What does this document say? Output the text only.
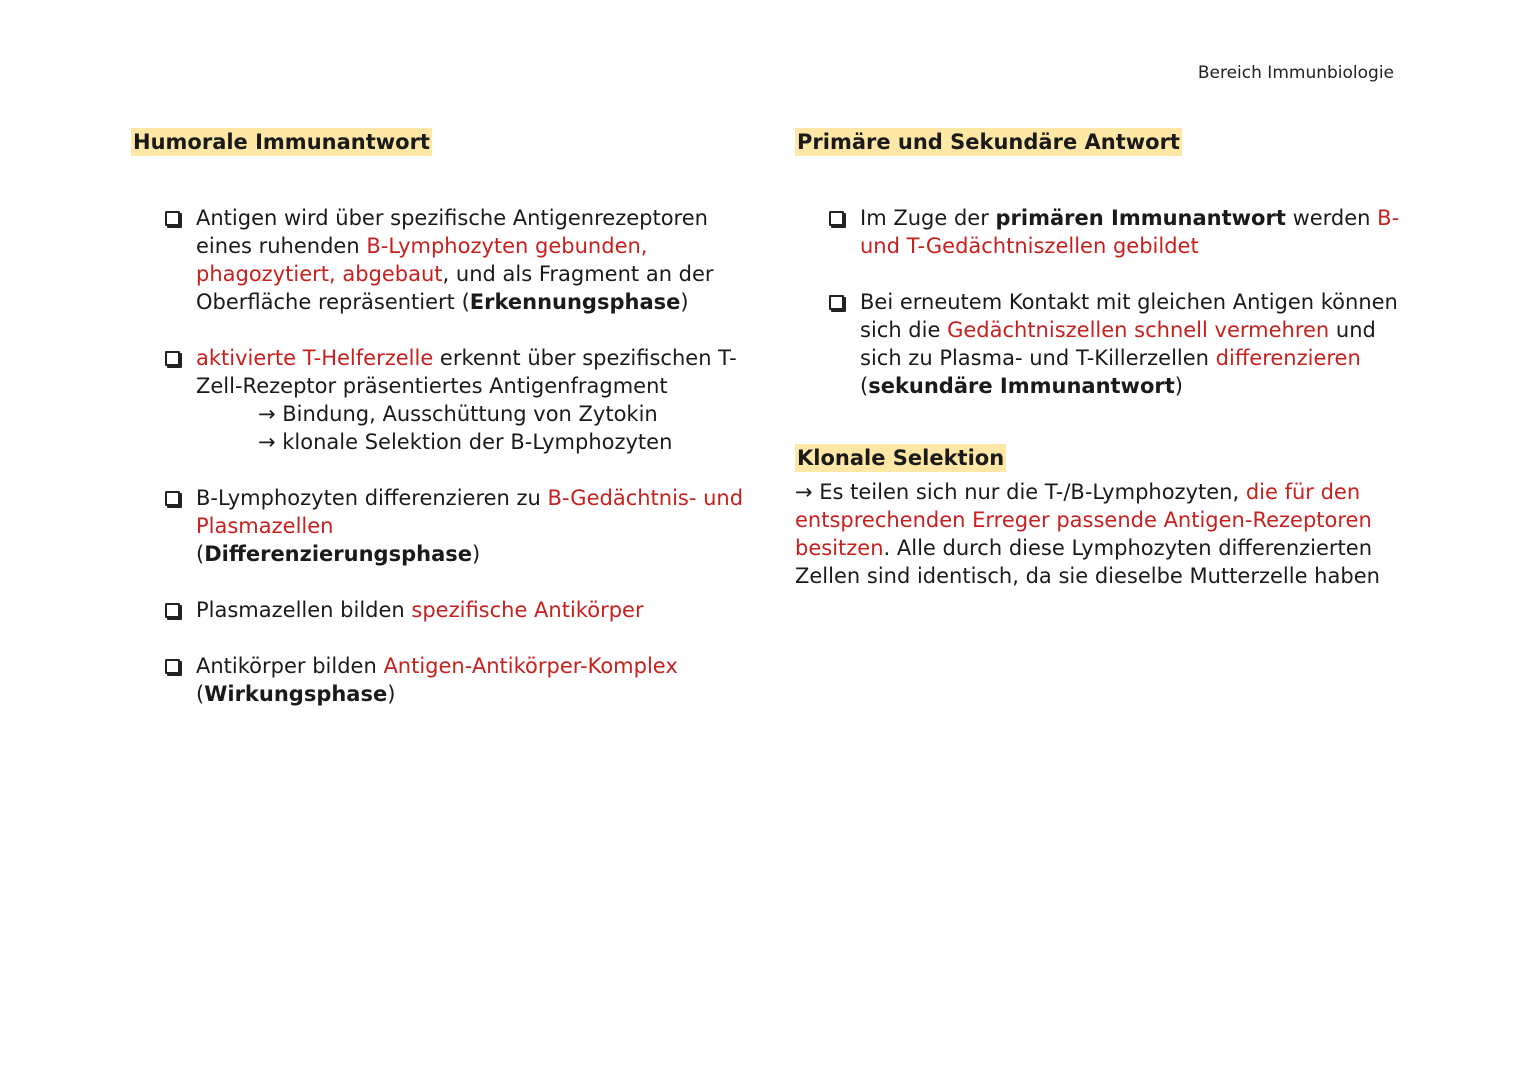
Bereich Immunbiologie
Humorale Immunantwort
Antigen wird über spezifische Antigenrezeptoren eines ruhenden B-Lymphozyten gebunden, phagozytiert, abgebaut, und als Fragment an der Oberfläche repräsentiert (Erkennungsphase)
aktivierte T-Helferzelle erkennt über spezifischen T-Zell-Rezeptor präsentiertes Antigenfragment
→ Bindung, Ausschüttung von Zytokin
→ klonale Selektion der B-Lymphozyten
B-Lymphozyten differenzieren zu B-Gedächtnis- und Plasmazellen
(Differenzierungsphase)
Plasmazellen bilden spezifische Antikörper
Antikörper bilden Antigen-Antikörper-Komplex
(Wirkungsphase)
Primäre und Sekundäre Antwort
Im Zuge der primären Immunantwort werden B- und T-Gedächtniszellen gebildet
Bei erneutem Kontakt mit gleichen Antigen können sich die Gedächtniszellen schnell vermehren und sich zu Plasma- und T-Killerzellen differenzieren (sekundäre Immunantwort)
Klonale Selektion
→ Es teilen sich nur die T-/B-Lymphozyten, die für den entsprechenden Erreger passende Antigen-Rezeptoren besitzen. Alle durch diese Lymphozyten differenzierten Zellen sind identisch, da sie dieselbe Mutterzelle haben
